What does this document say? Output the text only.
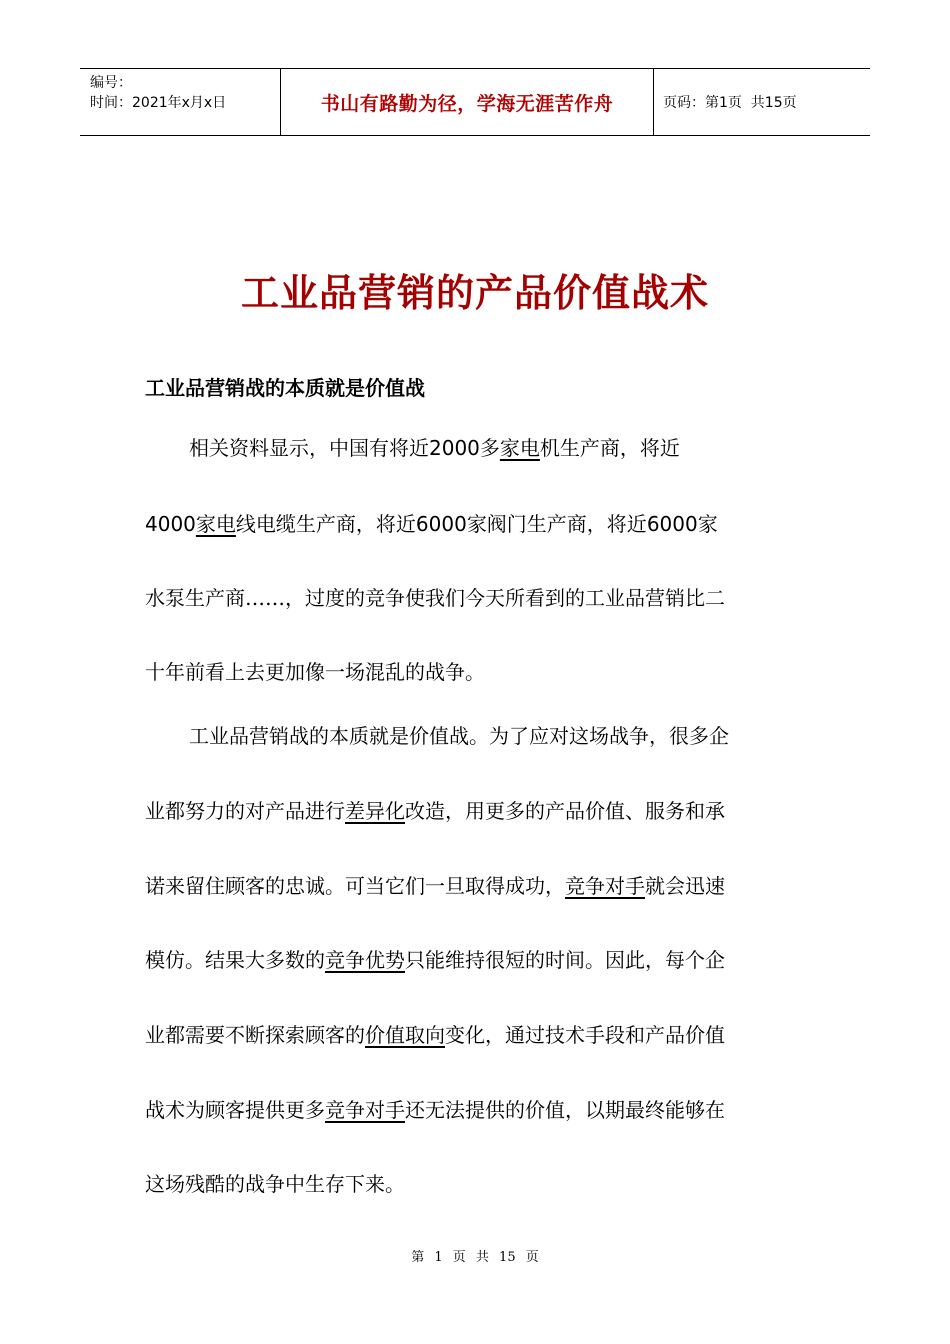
编号：
时间：2021年x月x日	书山有路勤为径，学海无涯苦作舟	页码：第1页  共15页
工业品营销的产品价值战术
工业品营销战的本质就是价值战
相关资料显示，中国有将近2000多家电机生产商，将近
4000家电线电缆生产商，将近6000家阀门生产商，将近6000家
水泵生产商……，过度的竞争使我们今天所看到的工业品营销比二
十年前看上去更加像一场混乱的战争。
工业品营销战的本质就是价值战。为了应对这场战争，很多企
业都努力的对产品进行差异化改造，用更多的产品价值、服务和承
诺来留住顾客的忠诚。可当它们一旦取得成功，竞争对手就会迅速
模仿。结果大多数的竞争优势只能维持很短的时间。因此，每个企
业都需要不断探索顾客的价值取向变化，通过技术手段和产品价值
战术为顾客提供更多竞争对手还无法提供的价值，以期最终能够在
这场残酷的战争中生存下来。
第 1 页 共 15 页
